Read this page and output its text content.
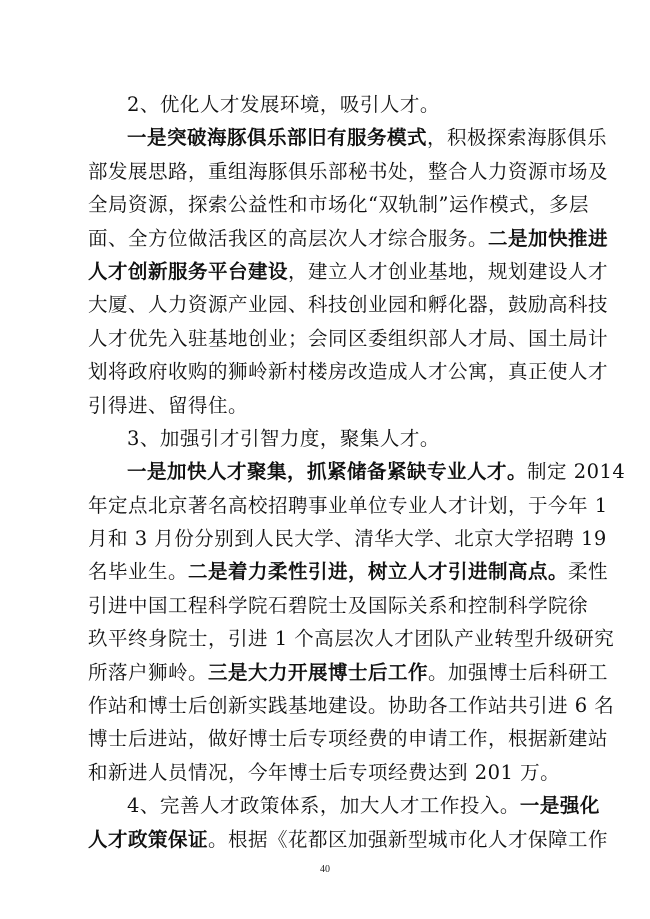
2、优化人才发展环境，吸引人才。
一是突破海豚俱乐部旧有服务模式，积极探索海豚俱乐
部发展思路，重组海豚俱乐部秘书处，整合人力资源市场及
全局资源，探索公益性和市场化“双轨制”运作模式，多层
面、全方位做活我区的高层次人才综合服务。二是加快推进
人才创新服务平台建设，建立人才创业基地，规划建设人才
大厦、人力资源产业园、科技创业园和孵化器，鼓励高科技
人才优先入驻基地创业；会同区委组织部人才局、国土局计
划将政府收购的狮岭新村楼房改造成人才公寓，真正使人才
引得进、留得住。
3、加强引才引智力度，聚集人才。
一是加快人才聚集，抓紧储备紧缺专业人才。制定 2014
年定点北京著名高校招聘事业单位专业人才计划，于今年 1
月和 3 月份分别到人民大学、清华大学、北京大学招聘 19
名毕业生。二是着力柔性引进，树立人才引进制高点。柔性
引进中国工程科学院石碧院士及国际关系和控制科学院徐
玖平终身院士，引进 1 个高层次人才团队产业转型升级研究
所落户狮岭。三是大力开展博士后工作。加强博士后科研工
作站和博士后创新实践基地建设。协助各工作站共引进 6 名
博士后进站，做好博士后专项经费的申请工作，根据新建站
和新进人员情况，今年博士后专项经费达到 201 万。
4、完善人才政策体系，加大人才工作投入。一是强化
人才政策保证。根据《花都区加强新型城市化人才保障工作
40
